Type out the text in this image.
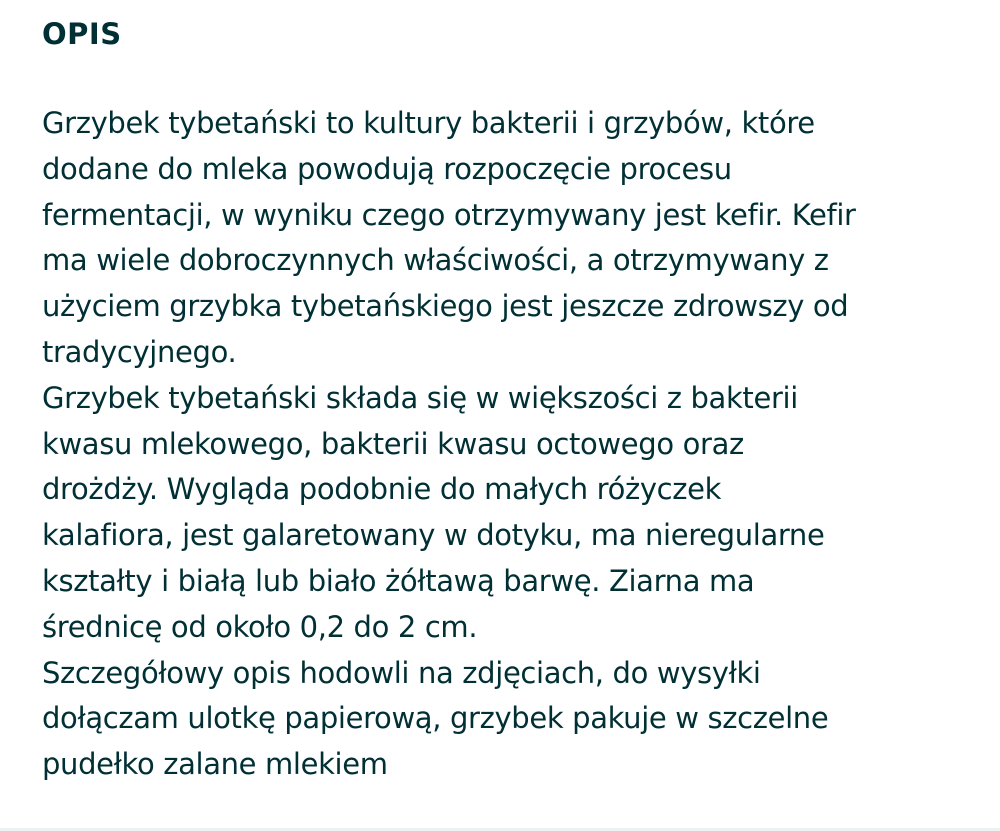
OPIS
Grzybek tybetański to kultury bakterii i grzybów, które
dodane do mleka powodują rozpoczęcie procesu
fermentacji, w wyniku czego otrzymywany jest kefir. Kefir
ma wiele dobroczynnych właściwości, a otrzymywany z
użyciem grzybka tybetańskiego jest jeszcze zdrowszy od
tradycyjnego.
Grzybek tybetański składa się w większości z bakterii
kwasu mlekowego, bakterii kwasu octowego oraz
drożdży. Wygląda podobnie do małych różyczek
kalafiora, jest galaretowany w dotyku, ma nieregularne
kształty i białą lub biało żółtawą barwę. Ziarna ma
średnicę od około 0,2 do 2 cm.
Szczegółowy opis hodowli na zdjęciach, do wysyłki
dołączam ulotkę papierową, grzybek pakuje w szczelne
pudełko zalane mlekiem
